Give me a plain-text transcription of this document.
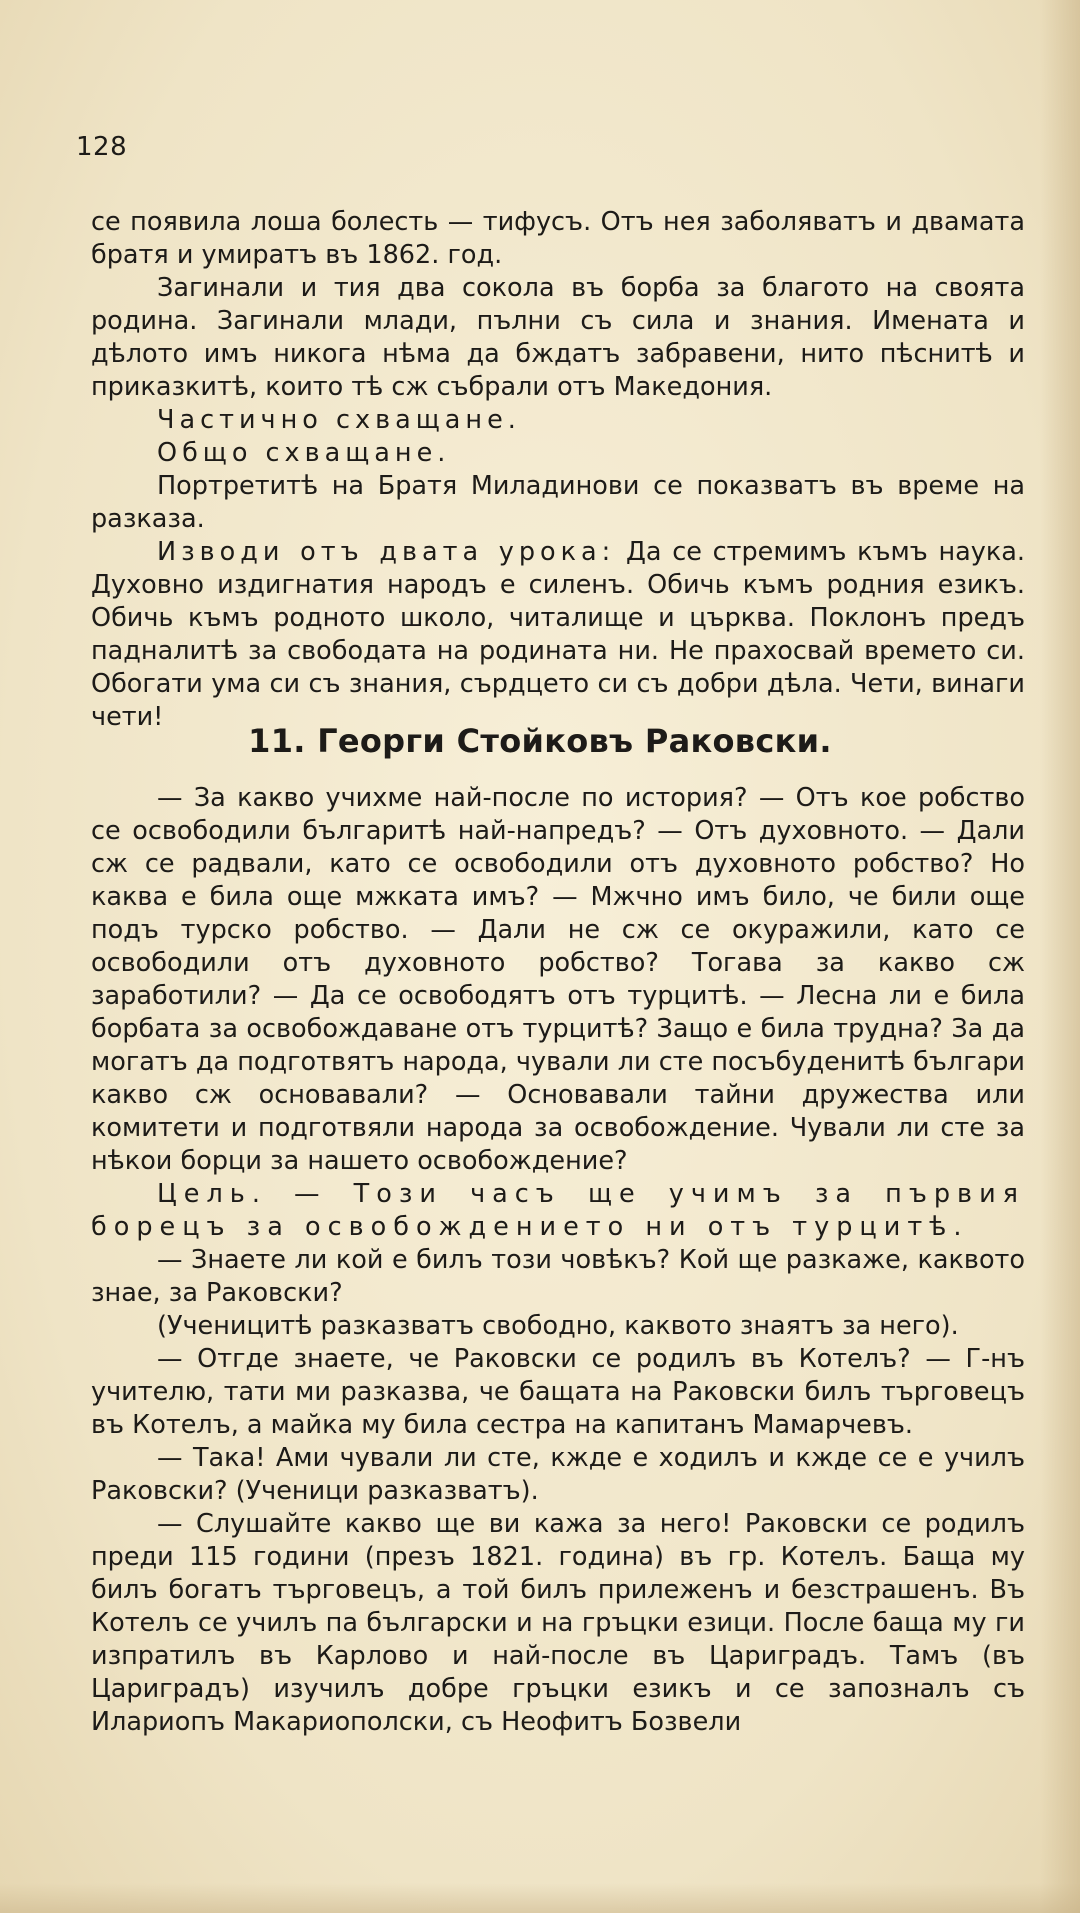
128

се появила лоша болесть — тифусъ. Отъ нея заболяватъ и двамата братя и умиратъ въ 1862. год.

Загинали и тия два сокола въ борба за благото на своята родина. Загинали млади, пълни съ сила и знания. Имената и дѣлото имъ никога нѣма да бждатъ забравени, нито пѣснитѣ и приказкитѣ, които тѣ сж събрали отъ Македония.

Частично схващане.

Общо схващане.

Портретитѣ на Братя Миладинови се показватъ въ време на разказа.

Изводи отъ двата урока: Да се стремимъ къмъ наука. Духовно издигнатия народъ е силенъ. Обичь къмъ родния езикъ. Обичь къмъ родното школо, читалище и църква. Поклонъ предъ падналитѣ за свободата на родината ни. Не прахосвай времето си. Обогати ума си съ знания, сърдцето си съ добри дѣла. Чети, винаги чети!

11. Георги Стойковъ Раковски.

— За какво учихме най-после по история? — Отъ кое робство се освободили българитѣ най-напредъ? — Отъ духовното. — Дали сж се радвали, като се освободили отъ духовното робство? Но каква е била още мжката имъ? — Мжчно имъ било, че били още подъ турско робство. — Дали не сж се окуражили, като се освободили отъ духовното робство? Тогава за какво сж заработили? — Да се освободятъ отъ турцитѣ. — Лесна ли е била борбата за освобождаване отъ турцитѣ? Защо е била трудна? За да могатъ да подготвятъ народа, чували ли сте посъбуденитѣ българи какво сж основавали? — Основавали тайни дружества или комитети и подготвяли народа за освобождение. Чували ли сте за нѣкои борци за нашето освобождение?

Цель. — Този часъ ще учимъ за първия борецъ за освобождението ни отъ турцитѣ.

— Знаете ли кой е билъ този човѣкъ? Кой ще разкаже, каквото знае, за Раковски?

(Ученицитѣ разказватъ свободно, каквото знаятъ за него).

— Отгде знаете, че Раковски се родилъ въ Котелъ? — Г-нъ учителю, тати ми разказва, че бащата на Раковски билъ търговецъ въ Котелъ, а майка му била сестра на капитанъ Мамарчевъ.

— Така! Ами чували ли сте, кжде е ходилъ и кжде се е училъ Раковски? (Ученици разказватъ).

— Слушайте какво ще ви кажа за него! Раковски се родилъ преди 115 години (презъ 1821. година) въ гр. Котелъ. Баща му билъ богатъ търговецъ, а той билъ прилеженъ и безстрашенъ. Въ Котелъ се училъ па български и на гръцки езици. После баща му ги изпратилъ въ Карлово и най-после въ Цариградъ. Тамъ (въ Цариградъ) изучилъ добре гръцки езикъ и се запозналъ съ Илариопъ Макариополски, съ Неофитъ Бозвели
